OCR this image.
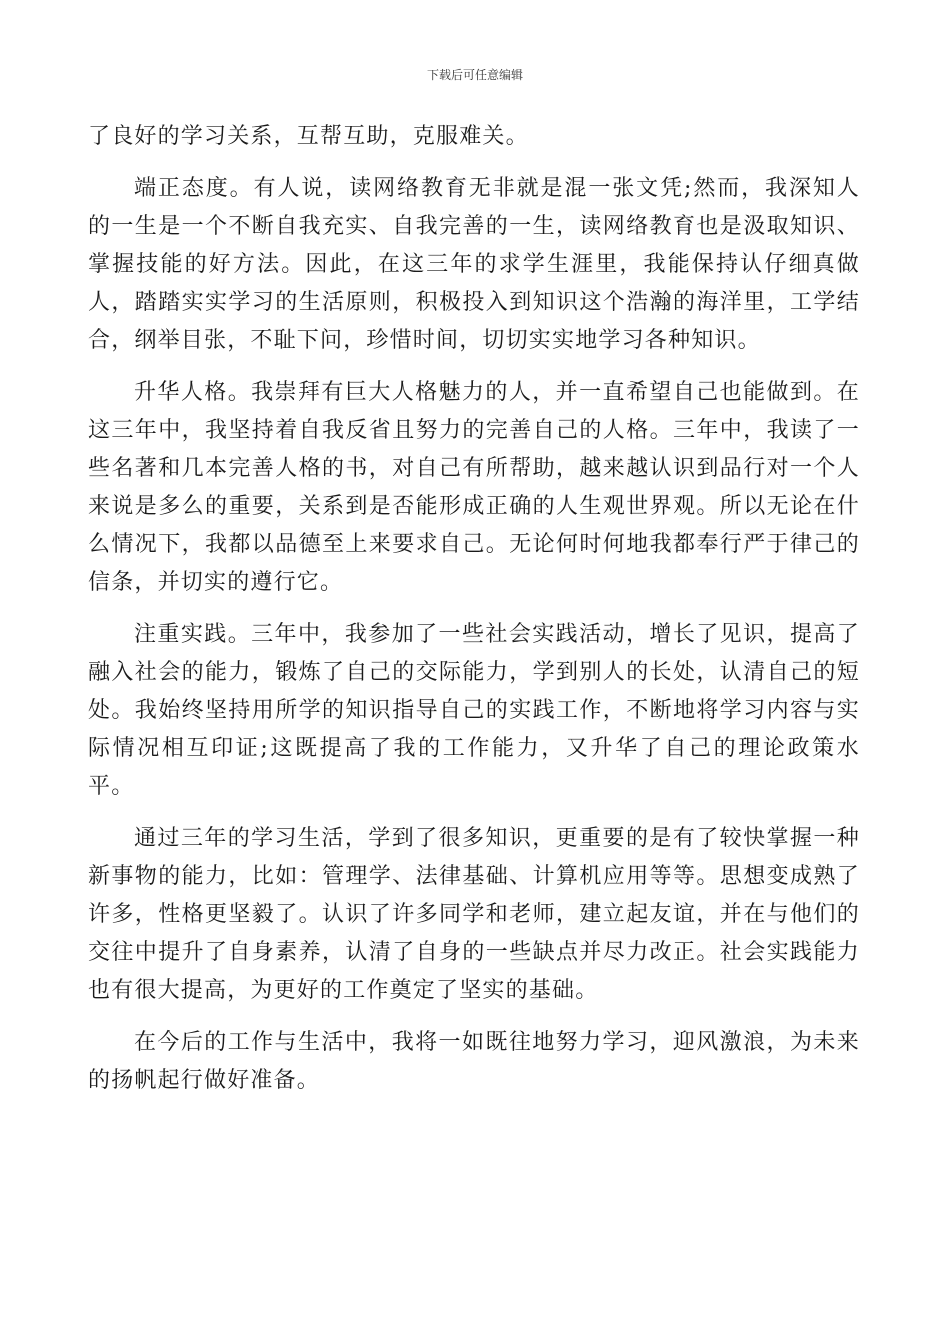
下载后可任意编辑

了良好的学习关系，互帮互助，克服难关。

端正态度。有人说，读网络教育无非就是混一张文凭;然而，我深知人的一生是一个不断自我充实、自我完善的一生，读网络教育也是汲取知识、掌握技能的好方法。因此，在这三年的求学生涯里，我能保持认仔细真做人，踏踏实实学习的生活原则，积极投入到知识这个浩瀚的海洋里，工学结合，纲举目张，不耻下问，珍惜时间，切切实实地学习各种知识。

升华人格。我崇拜有巨大人格魅力的人，并一直希望自己也能做到。在这三年中，我坚持着自我反省且努力的完善自己的人格。三年中，我读了一些名著和几本完善人格的书，对自己有所帮助，越来越认识到品行对一个人来说是多么的重要，关系到是否能形成正确的人生观世界观。所以无论在什么情况下，我都以品德至上来要求自己。无论何时何地我都奉行严于律己的信条，并切实的遵行它。

注重实践。三年中，我参加了一些社会实践活动，增长了见识，提高了融入社会的能力，锻炼了自己的交际能力，学到别人的长处，认清自己的短处。我始终坚持用所学的知识指导自己的实践工作，不断地将学习内容与实际情况相互印证;这既提高了我的工作能力，又升华了自己的理论政策水平。

通过三年的学习生活，学到了很多知识，更重要的是有了较快掌握一种新事物的能力，比如：管理学、法律基础、计算机应用等等。思想变成熟了许多，性格更坚毅了。认识了许多同学和老师，建立起友谊，并在与他们的交往中提升了自身素养，认清了自身的一些缺点并尽力改正。社会实践能力也有很大提高，为更好的工作奠定了坚实的基础。

在今后的工作与生活中，我将一如既往地努力学习，迎风激浪，为未来的扬帆起行做好准备。
